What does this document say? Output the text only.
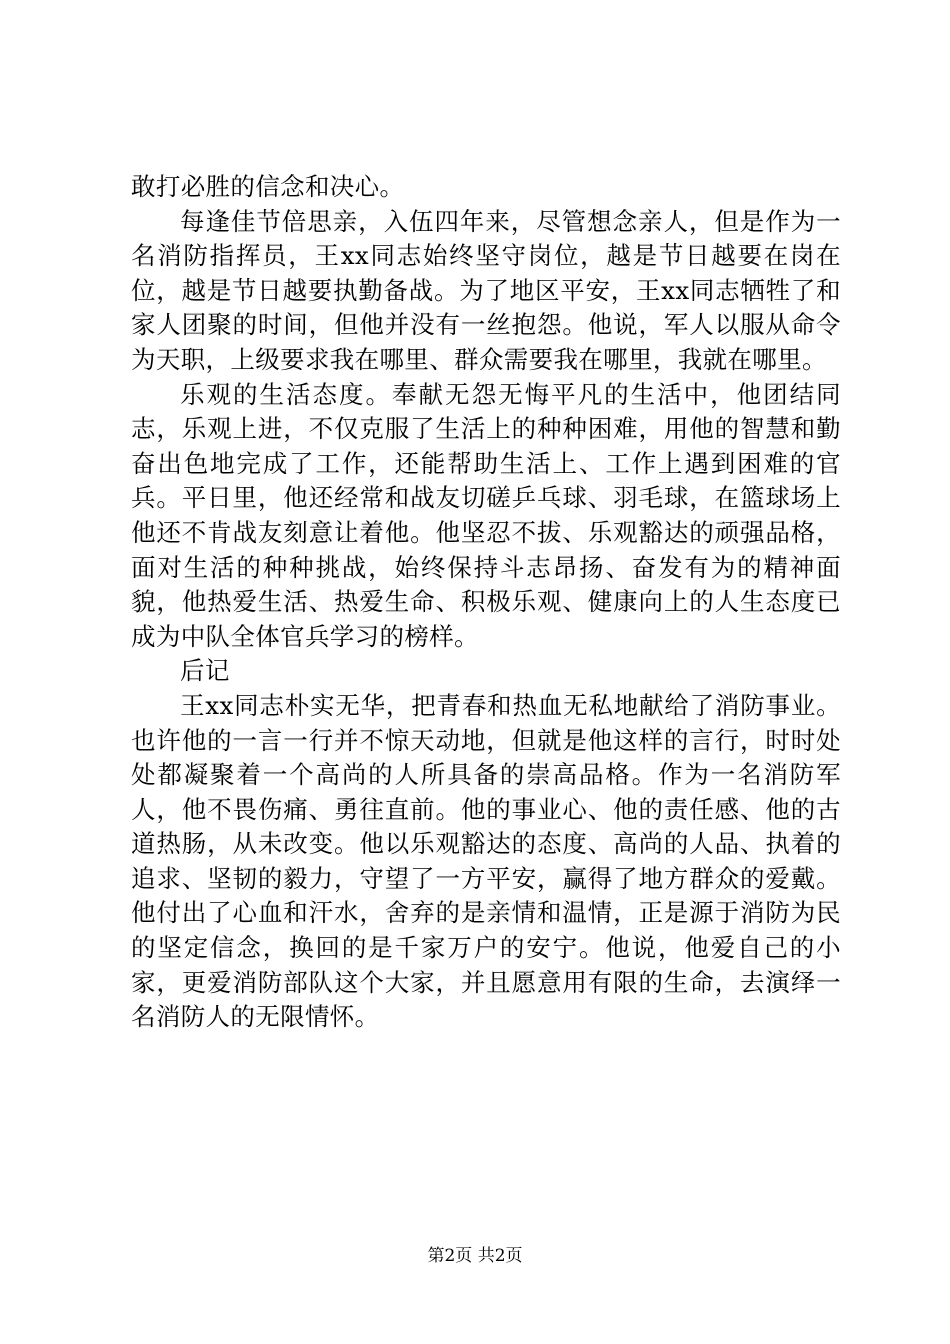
敢打必胜的信念和决心。

每逢佳节倍思亲，入伍四年来，尽管想念亲人，但是作为一名消防指挥员，王xx同志始终坚守岗位，越是节日越要在岗在位，越是节日越要执勤备战。为了地区平安，王xx同志牺牲了和家人团聚的时间，但他并没有一丝抱怨。他说，军人以服从命令为天职，上级要求我在哪里、群众需要我在哪里，我就在哪里。

乐观的生活态度。奉献无怨无悔平凡的生活中，他团结同志，乐观上进，不仅克服了生活上的种种困难，用他的智慧和勤奋出色地完成了工作，还能帮助生活上、工作上遇到困难的官兵。平日里，他还经常和战友切磋乒乓球、羽毛球，在篮球场上他还不肯战友刻意让着他。他坚忍不拔、乐观豁达的顽强品格，面对生活的种种挑战，始终保持斗志昂扬、奋发有为的精神面貌，他热爱生活、热爱生命、积极乐观、健康向上的人生态度已成为中队全体官兵学习的榜样。

后记

王xx同志朴实无华，把青春和热血无私地献给了消防事业。也许他的一言一行并不惊天动地，但就是他这样的言行，时时处处都凝聚着一个高尚的人所具备的崇高品格。作为一名消防军人，他不畏伤痛、勇往直前。他的事业心、他的责任感、他的古道热肠，从未改变。他以乐观豁达的态度、高尚的人品、执着的追求、坚韧的毅力，守望了一方平安，赢得了地方群众的爱戴。他付出了心血和汗水，舍弃的是亲情和温情，正是源于消防为民的坚定信念，换回的是千家万户的安宁。他说，他爱自己的小家，更爱消防部队这个大家，并且愿意用有限的生命，去演绎一名消防人的无限情怀。

第2页 共2页
